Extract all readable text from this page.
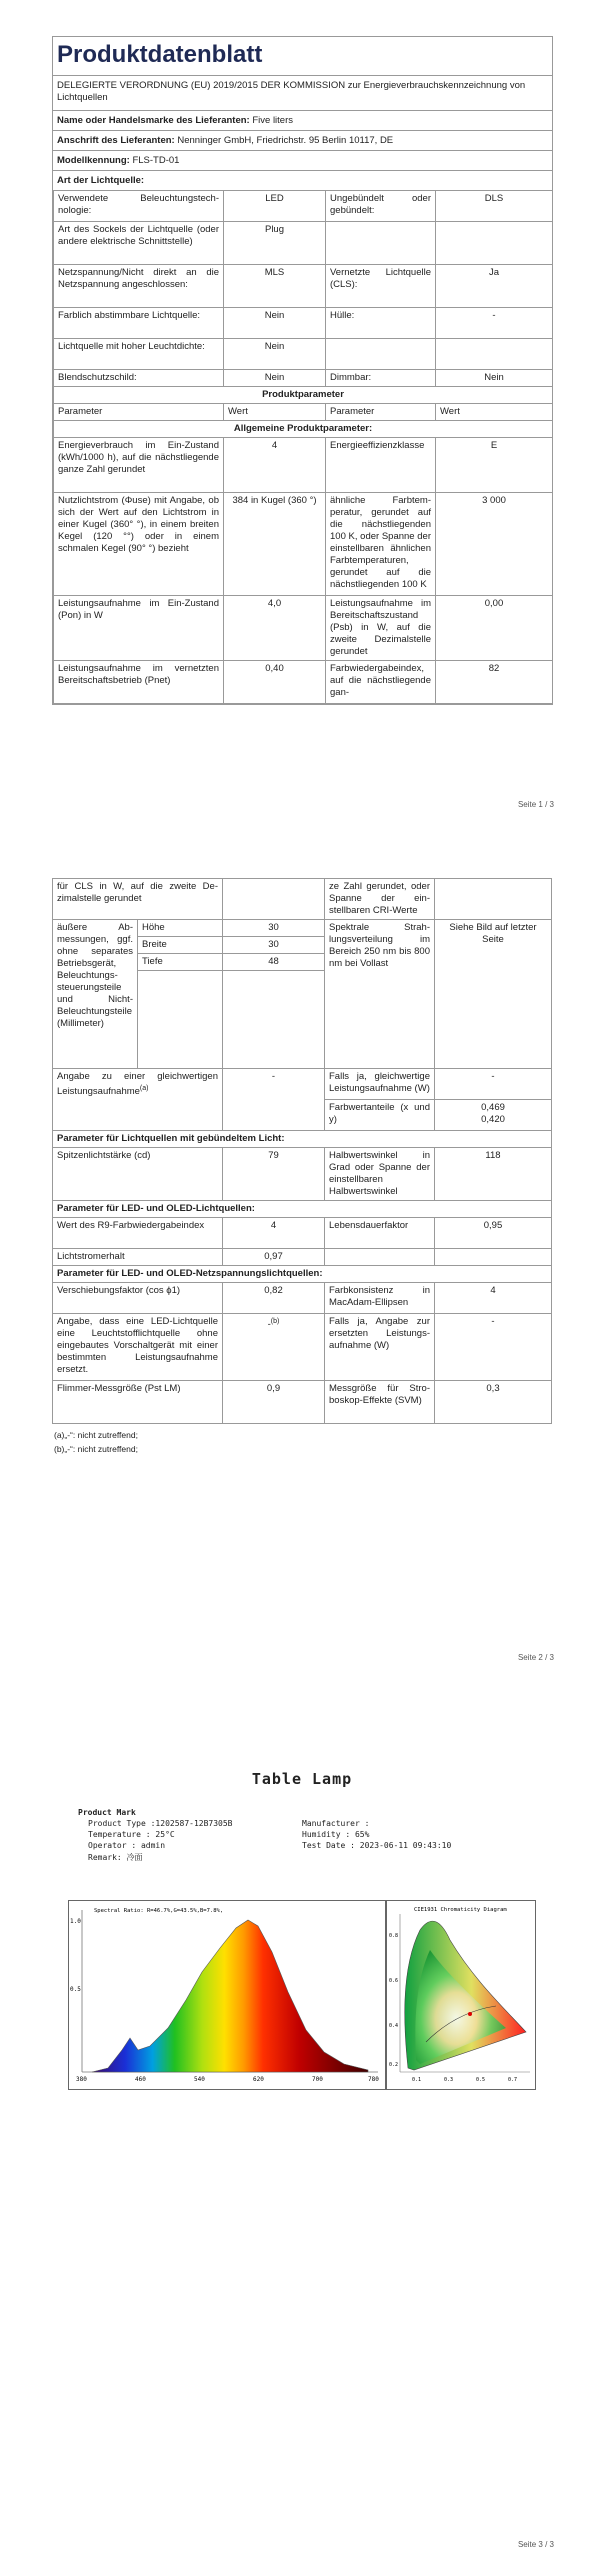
Produktdatenblatt
DELEGIERTE VERORDNUNG (EU) 2019/2015 DER KOMMISSION zur Energieverbrauchskennzeichnung von Lichtquellen
Name oder Handelsmarke des Lieferanten: Five liters
Anschrift des Lieferanten: Nenninger GmbH, Friedrichstr. 95 Berlin 10117, DE
Modellkennung: FLS-TD-01
Art der Lichtquelle:
Verwendete Beleuchtungstechnologie:	LED	Ungebündelt oder gebündelt:	DLS
Art des Sockels der Lichtquelle (oder andere elektrische Schnittstelle)	Plug		
Netzspannung/Nicht direkt an die Netzspannung angeschlossen:	MLS	Vernetzte Lichtquelle (CLS):	Ja
Farblich abstimmbare Lichtquelle:	Nein	Hülle:	-
Lichtquelle mit hoher Leuchtdichte:	Nein		
Blendschutzschild:	Nein	Dimmbar:	Nein
Produktparameter			
Parameter	Wert	Parameter	Wert
Allgemeine Produktparameter:			
Energieverbrauch im Ein-Zustand (kWh/1000 h), auf die nächstliegende ganze Zahl gerundet	4	Energieeffizienzklasse	E
Nutzlichtstrom (Φuse) mit Angabe, ob sich der Wert auf den Lichtstrom in einer Kugel (360° °), in einem breiten Kegel (120 °°) oder in einem schmalen Kegel (90° °) bezieht	384 in Kugel (360 °)	ähnliche Farbtemperatur, gerundet auf die nächstliegenden 100 K, oder Spanne der einstellbaren ähnlichen Farbtemperaturen, gerundet auf die nächstliegenden 100 K	3 000
Leistungsaufnahme im Ein-Zustand (Pon) in W	4,0	Leistungsaufnahme im Bereitschaftszustand (Psb) in W, auf die zweite Dezimalstelle gerundet	0,00
Leistungsaufnahme im vernetzten Bereitschaftsbetrieb (Pnet)	0,40	Farbwiedergabeindex, auf die nächstliegende gan-	82
Seite 1 / 3
für CLS in W, auf die zweite Dezimalstelle gerundet			ze Zahl gerundet, oder Spanne der einstellbaren CRI-Werte	
äußere Abmessungen, ggf. ohne separates Betriebsgerät, Beleuchtungssteuerungsteile und Nicht-Beleuchtungsteile (Millimeter)	Höhe	30	Spektrale Strahlungsverteilung im Bereich 250 nm bis 800 nm bei Vollast	Siehe Bild auf letzter Seite
	Breite	30		
	Tiefe	48		

Angabe zu einer gleichwertigen Leistungsaufnahme$^{(a)}$		-	Falls ja, gleichwertige Leistungsaufnahme (W)	-
			Farbwertanteile (x und y)	0,469
0,420

Parameter für Lichtquellen mit gebündeltem Licht:				
Spitzenlichtstärke (cd)		79	Halbwertswinkel in Grad oder Spanne der einstellbaren Halbwertswinkel	118
Parameter für LED- und OLED-Lichtquellen:				
Wert des R9-Farbwiedergabeindex		4	Lebensdauerfaktor	0,95
Lichtstromerhalt		0,97		
Parameter für LED- und OLED-Netzspannungslichtquellen:				
Verschiebungsfaktor (cos ϕ1)		0,82	Farbkonsistenz in MacAdam-Ellipsen	4
Angabe, dass eine LED-Lichtquelle eine Leuchtstofflichtquelle ohne eingebautes Vorschaltgerät mit einer bestimmten Leistungsaufnahme ersetzt.		-$^{(b)}$	Falls ja, Angabe zur ersetzten Leistungsaufnahme (W)	-
Flimmer-Messgröße (Pst LM)		0,9	Messgröße für Stroboskop-Effekte (SVM)	0,3
(a)„-“: nicht zutreffend;
(b)„-“: nicht zutreffend;
Seite 2 / 3
Table Lamp
Product Mark
Product Type :1202587-12B7305B
Temperature : 25°C
Operator : admin
Remark: 冷面
Manufacturer :
Humidity : 65%
Test Date : 2023-06-11 09:43:10
1.0
0.5
Spectral Ratio: R=46.7%,G=43.5%,B=7.8%,
380	460	540	620	700	780
CIE1931 Chromaticity Diagram
0.8
0.6
0.4
0.2
0.1	0.3	0.5	0.7
Seite 3 / 3
